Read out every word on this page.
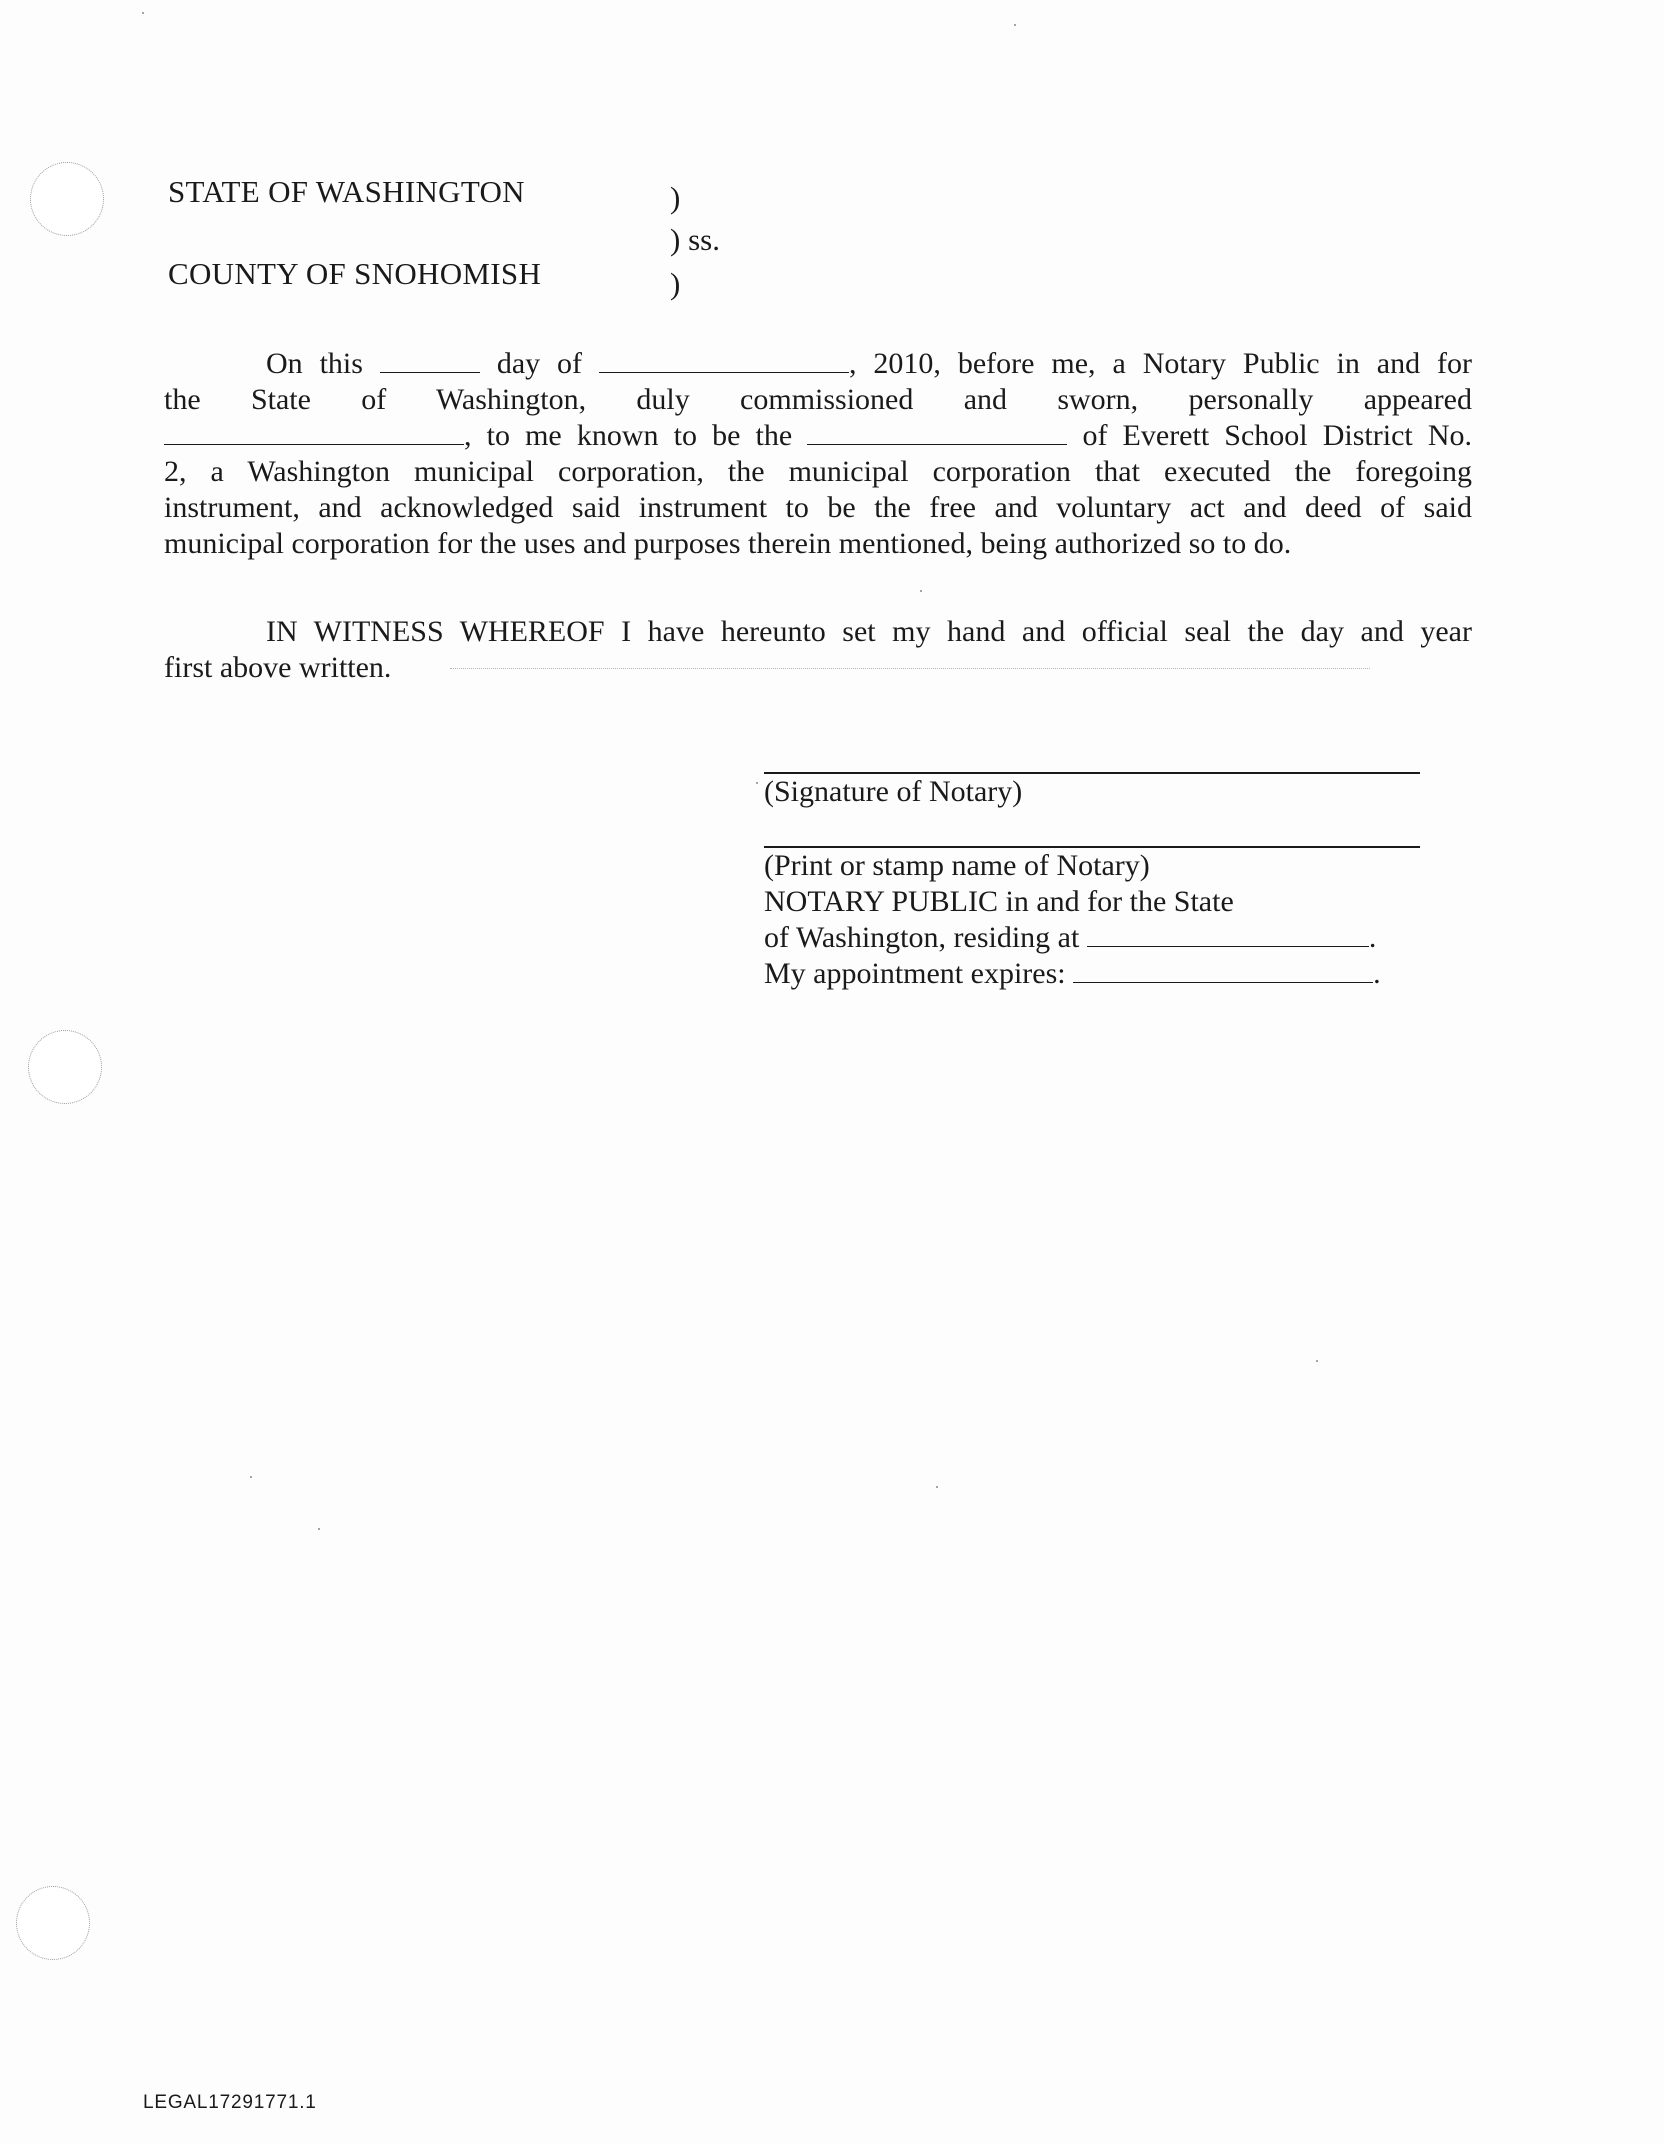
STATE OF WASHINGTON
COUNTY OF SNOHOMISH
)
) ss.
)
On this	day of	, 2010, before me, a Notary Public in and for
the State of Washington, duly commissioned and sworn, personally appeared
, to me known to be the	of Everett School District No.
2, a Washington municipal corporation, the municipal corporation that executed the foregoing
instrument, and acknowledged said instrument to be the free and voluntary act and deed of said
municipal corporation for the uses and purposes therein mentioned, being authorized so to do.
IN WITNESS WHEREOF I have hereunto set my hand and official seal the day and year
first above written.
(Signature of Notary)
(Print or stamp name of Notary)
NOTARY PUBLIC in and for the State
of Washington, residing at	.
My appointment expires:	.
LEGAL17291771.1
